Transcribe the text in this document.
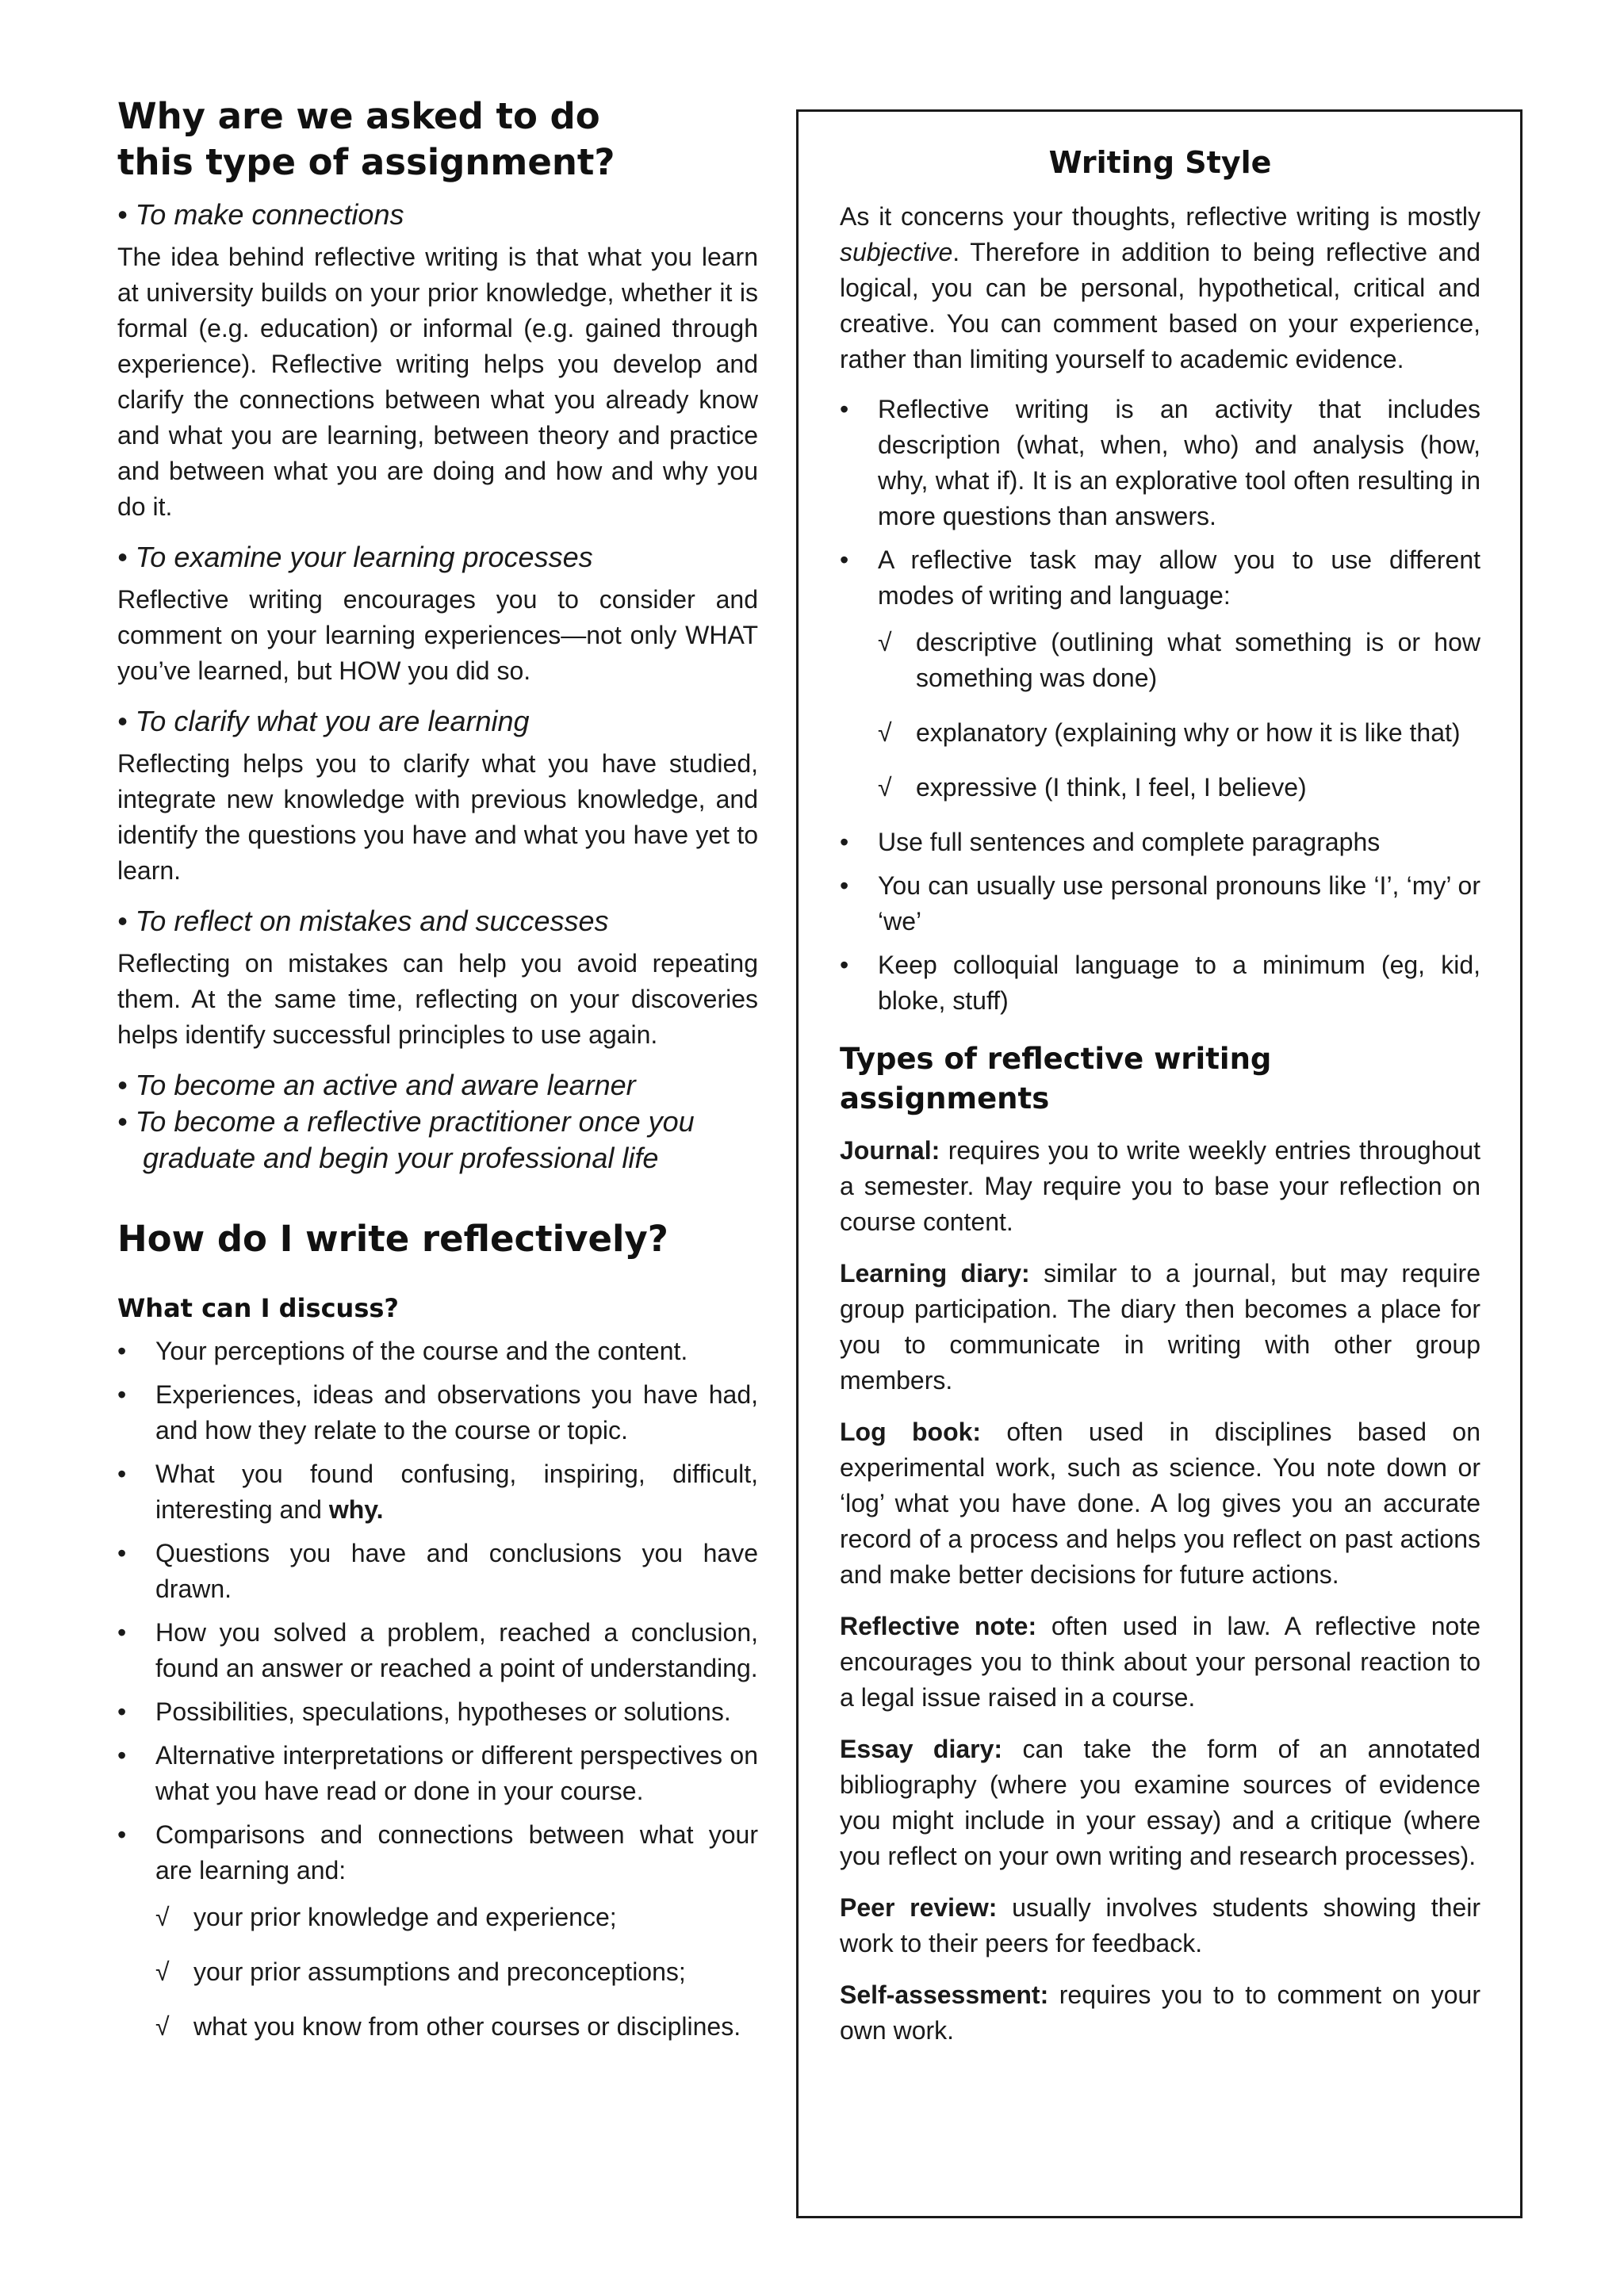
Why are we asked to do
this type of assignment?
• To make connections

The idea behind reflective writing is that what you learn at university builds on your prior knowledge, whether it is formal (e.g. education) or informal (e.g. gained through experience). Reflective writing helps you develop and clarify the connections between what you already know and what you are learning, between theory and practice and between what you are doing and how and why you do it.

• To examine your learning processes

Reflective writing encourages you to consider and comment on your learning experiences—not only WHAT you’ve learned, but HOW you did so.

• To clarify what you are learning

Reflecting helps you to clarify what you have studied, integrate new knowledge with previous knowledge, and identify the questions you have and what you have yet to learn.

• To reflect on mistakes and successes

Reflecting on mistakes can help you avoid repeating them. At the same time, reflecting on your discoveries helps identify successful principles to use again.

• To become an active and aware learner
• To become a reflective practitioner once you
graduate and begin your professional life
How do I write reflectively?
What can I discuss?
•	Your perceptions of the course and the content.
•	Experiences, ideas and observations you have had, and how they relate to the course or topic.
•	What you found confusing, inspiring, difficult, interesting and why.
•	Questions you have and conclusions you have drawn.
•	How you solved a problem, reached a conclusion, found an answer or reached a point of understanding.
•	Possibilities, speculations, hypotheses or solutions.
•	Alternative interpretations or different perspectives on what you have read or done in your course.
•	Comparisons and connections between what your are learning and:
√ your prior knowledge and experience;
√ your prior assumptions and preconceptions;
√ what you know from other courses or disciplines.
Writing Style

As it concerns your thoughts, reflective writing is mostly subjective. Therefore in addition to being reflective and logical, you can be personal, hypothetical, critical and creative. You can comment based on your experience, rather than limiting yourself to academic evidence.

•	Reflective writing is an activity that includes description (what, when, who) and analysis (how, why, what if). It is an explorative tool often resulting in more questions than answers.
•	A reflective task may allow you to use different modes of writing and language:
√ descriptive (outlining what something is or how something was done)
√ explanatory (explaining why or how it is like that)
√ expressive (I think, I feel, I believe)
•	Use full sentences and complete paragraphs
•	You can usually use personal pronouns like ‘I’, ‘my’ or ‘we’
•	Keep colloquial language to a minimum (eg, kid, bloke, stuff)
Types of reflective writing assignments

Journal: requires you to write weekly entries throughout a semester. May require you to base your reflection on course content.

Learning diary: similar to a journal, but may require group participation. The diary then becomes a place for you to communicate in writing with other group members.

Log book: often used in disciplines based on experimental work, such as science. You note down or ‘log’ what you have done. A log gives you an accurate record of a process and helps you reflect on past actions and make better decisions for future actions.

Reflective note: often used in law. A reflective note encourages you to think about your personal reaction to a legal issue raised in a course.

Essay diary: can take the form of an annotated bibliography (where you examine sources of evidence you might include in your essay) and a critique (where you reflect on your own writing and research processes).

Peer review: usually involves students showing their work to their peers for feedback.

Self-assessment: requires you to to comment on your own work.
